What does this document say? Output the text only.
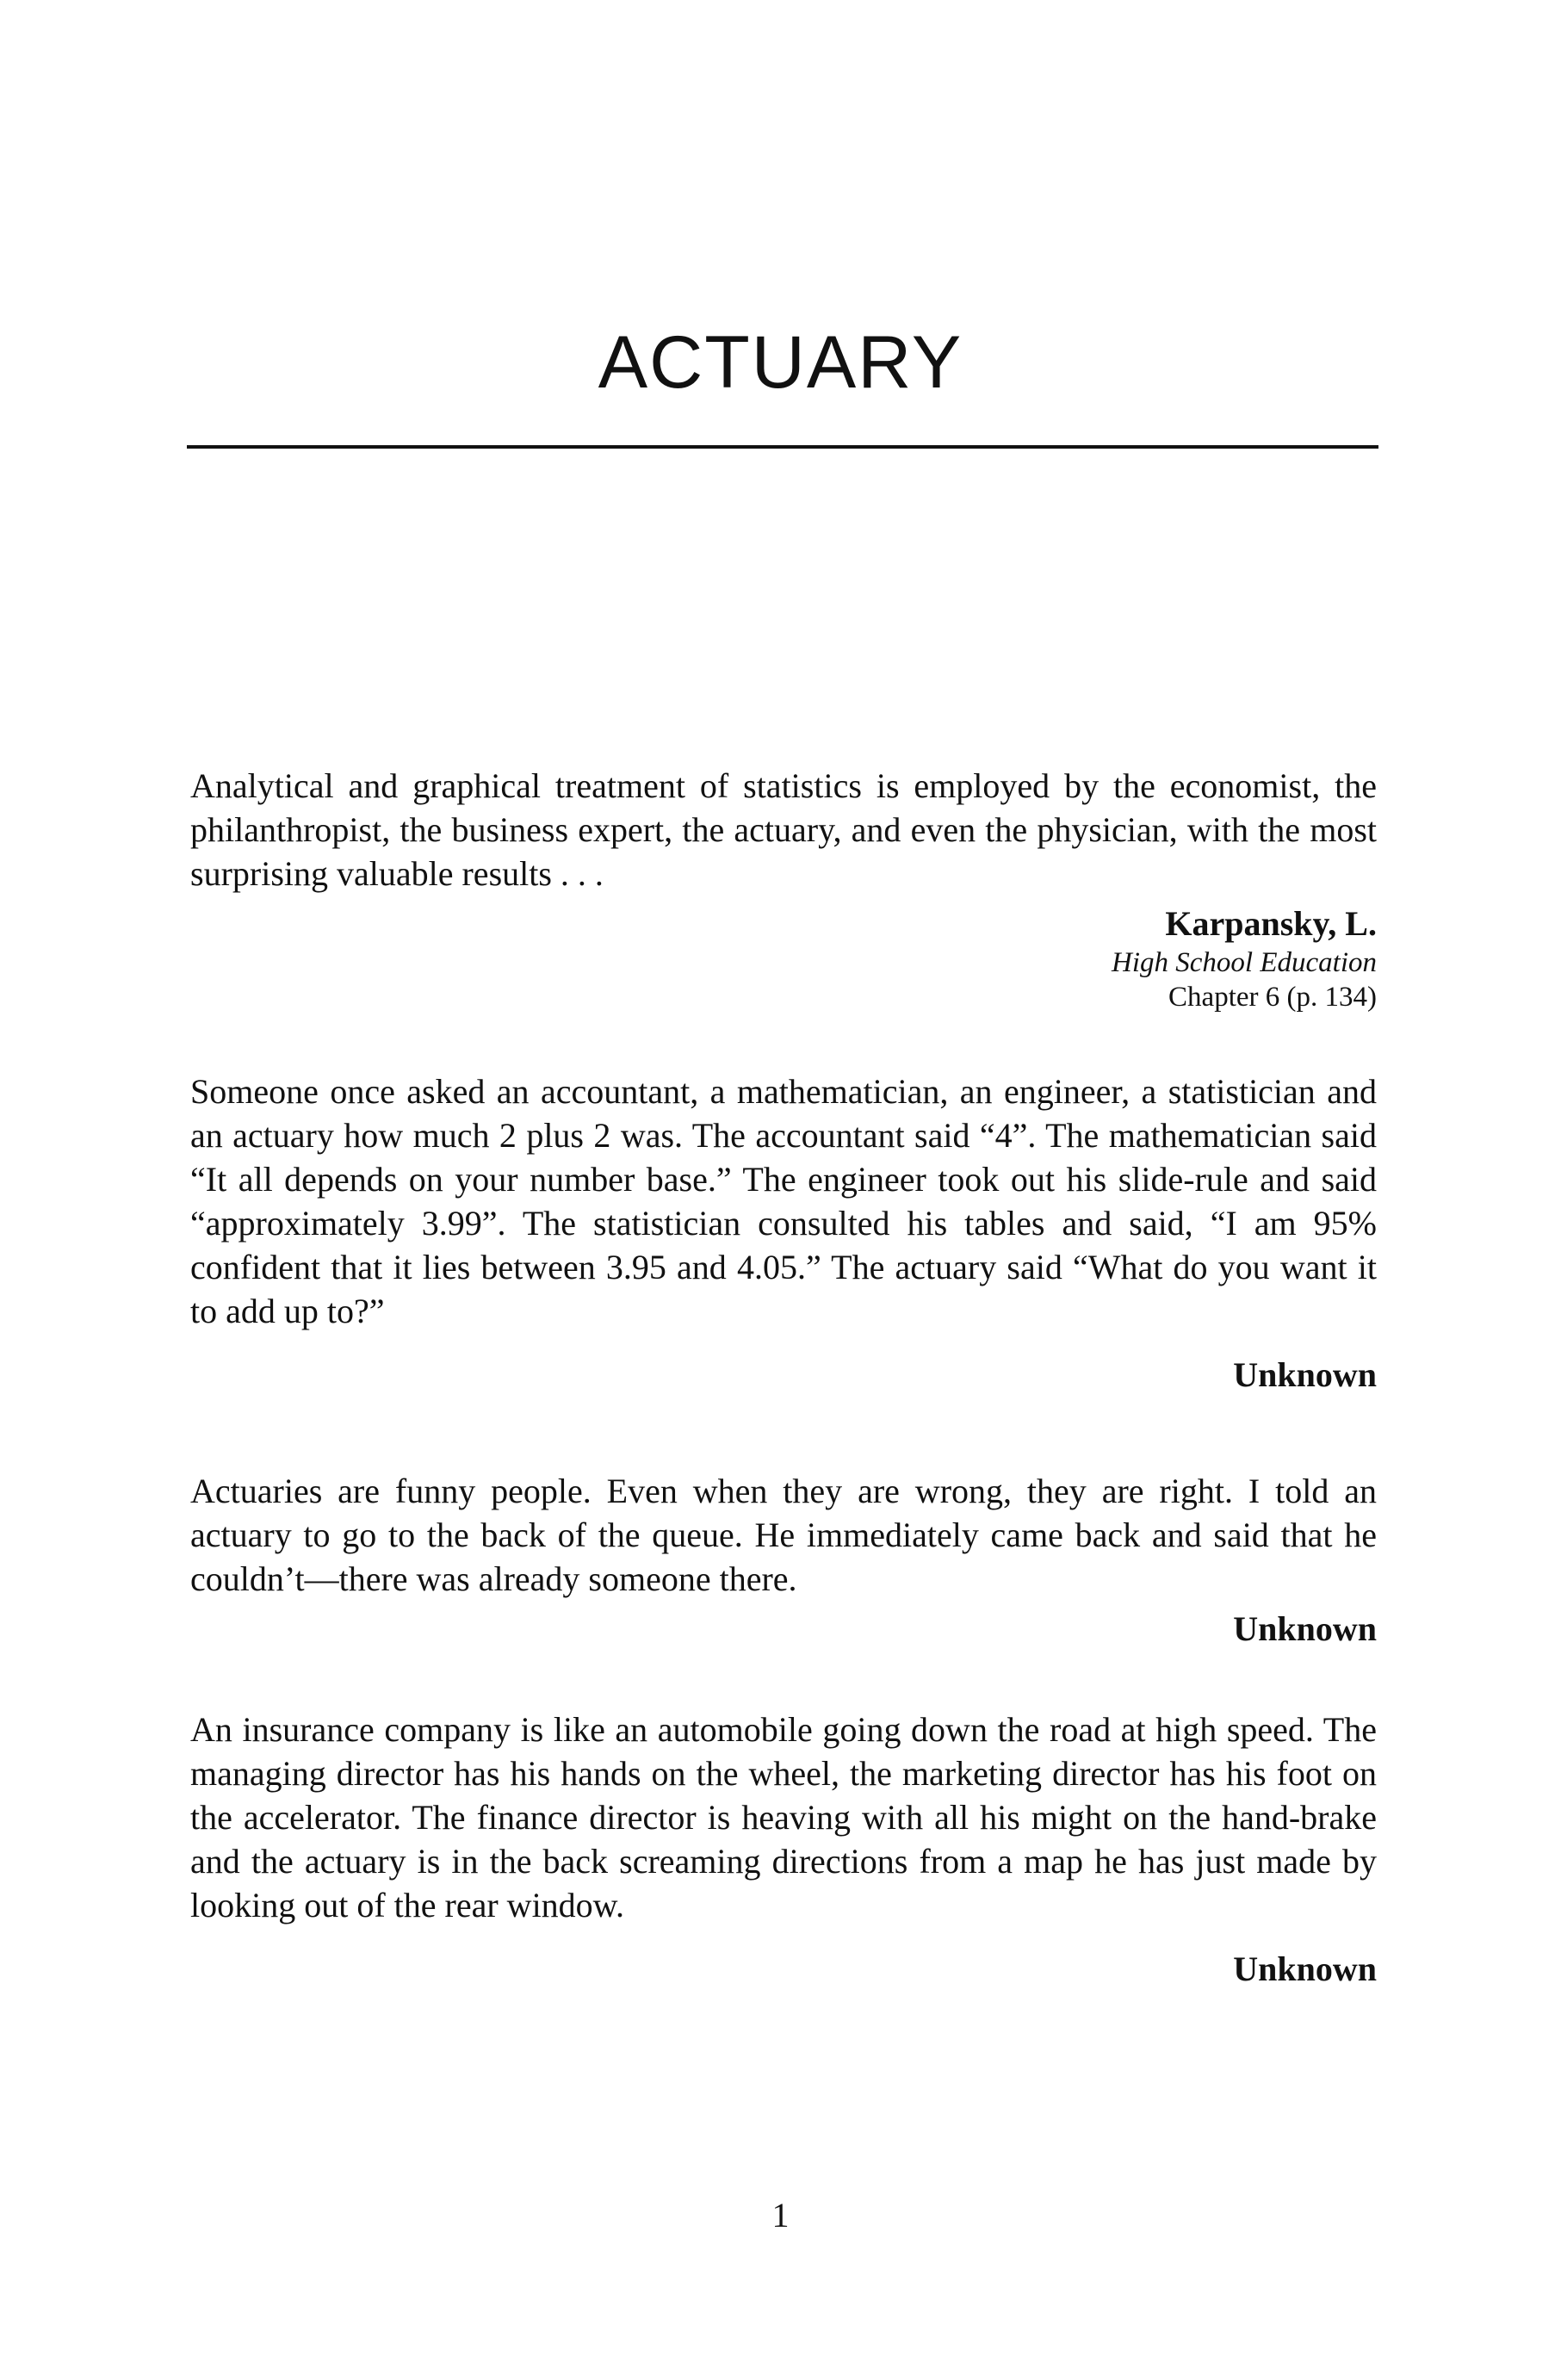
ACTUARY

Analytical and graphical treatment of statistics is employed by the economist, the philanthropist, the business expert, the actuary, and even the physician, with the most surprising valuable results . . .

Karpansky, L.

High School Education

Chapter 6 (p. 134)

Someone once asked an accountant, a mathematician, an engineer, a statistician and an actuary how much 2 plus 2 was. The accountant said “4”. The mathematician said “It all depends on your number base.” The engineer took out his slide-rule and said “approximately 3.99”. The statistician consulted his tables and said, “I am 95% confident that it lies between 3.95 and 4.05.” The actuary said “What do you want it to add up to?”

Unknown

Actuaries are funny people. Even when they are wrong, they are right. I told an actuary to go to the back of the queue. He immediately came back and said that he couldn’t—there was already someone there.

Unknown

An insurance company is like an automobile going down the road at high speed. The managing director has his hands on the wheel, the marketing director has his foot on the accelerator. The finance director is heaving with all his might on the hand-brake and the actuary is in the back screaming directions from a map he has just made by looking out of the rear window.

Unknown

1
